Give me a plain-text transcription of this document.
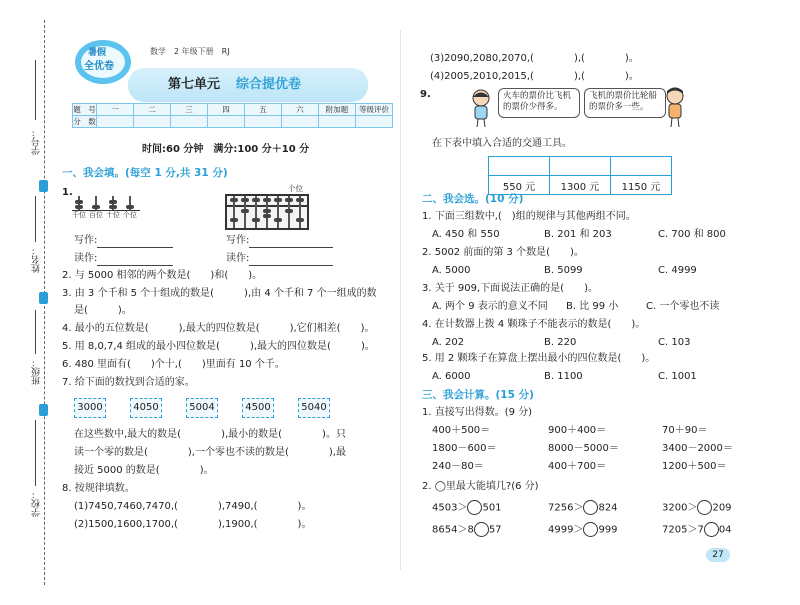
学号：
姓名：
班级：
学校：
暑假
全优卷
数学　2 年级下册　RJ
第七单元 综合提优卷
题　号	一	二	三	四	五	六	附加题	等级评价
分　数								
时间:60 分钟　满分:100 分＋10 分
一、我会填。(每空 1 分,共 31 分)
1.
千位 百位 十位 个位
个位
写作:
读作:
写作:
读作:
2. 与 5000 相邻的两个数是(　　)和(　　)。
3. 由 3 个千和 5 个十组成的数是(　　　),由 4 个千和 7 个一组成的数
是(　　　)。
4. 最小的五位数是(　　　),最大的四位数是(　　　),它们相差(　　)。
5. 用 8,0,7,4 组成的最小四位数是(　　　),最大的四位数是(　　　)。
6. 480 里面有(　　)个十,(　　)里面有 10 个千。
7. 给下面的数找到合适的家。
3000	4050	5004	4500	5040
在这些数中,最大的数是(　　　　),最小的数是(　　　　)。只
读一个零的数是(　　　　),一个零也不读的数是(　　　　),最
接近 5000 的数是(　　　　)。
8. 按规律填数。
(1)7450,7460,7470,(　　　　),7490,(　　　　)。
(2)1500,1600,1700,(　　　　),1900,(　　　　)。
(3)2090,2080,2070,(　　　　),(　　　　)。
(4)2005,2010,2015,(　　　　),(　　　　)。
9.	火车的票价比飞机的票价少得多。
飞机的票价比轮船的票价多一些。
在下表中填入合适的交通工具。

550 元	1300 元	1150 元
二、我会选。(10 分)
1. 下面三组数中,(　)组的规律与其他两组不同。
A. 450 和 550	B. 201 和 203	C. 700 和 800
2. 5002 前面的第 3 个数是(　　)。
A. 5000	B. 5099	C. 4999
3. 关于 909,下面说法正确的是(　　)。
A. 两个 9 表示的意义不同 B. 比 99 小	C. 一个零也不读
4. 在计数器上拨 4 颗珠子不能表示的数是(　　)。
A. 202	B. 220	C. 103
5. 用 2 颗珠子在算盘上摆出最小的四位数是(　　)。
A. 6000	B. 1100	C. 1001
三、我会计算。(15 分)
1. 直接写出得数。(9 分)
400＋500＝	900＋400＝	70＋90＝
1800－600＝	8000－5000＝	3400－2000＝
240－80＝	400＋700＝	1200＋500＝
2. ◯里最大能填几?(6 分)
4503＞ 501	7256＞ 824	3200＞ 209
8654＞8 57	4999＞ 999	7205＞7 04
27
